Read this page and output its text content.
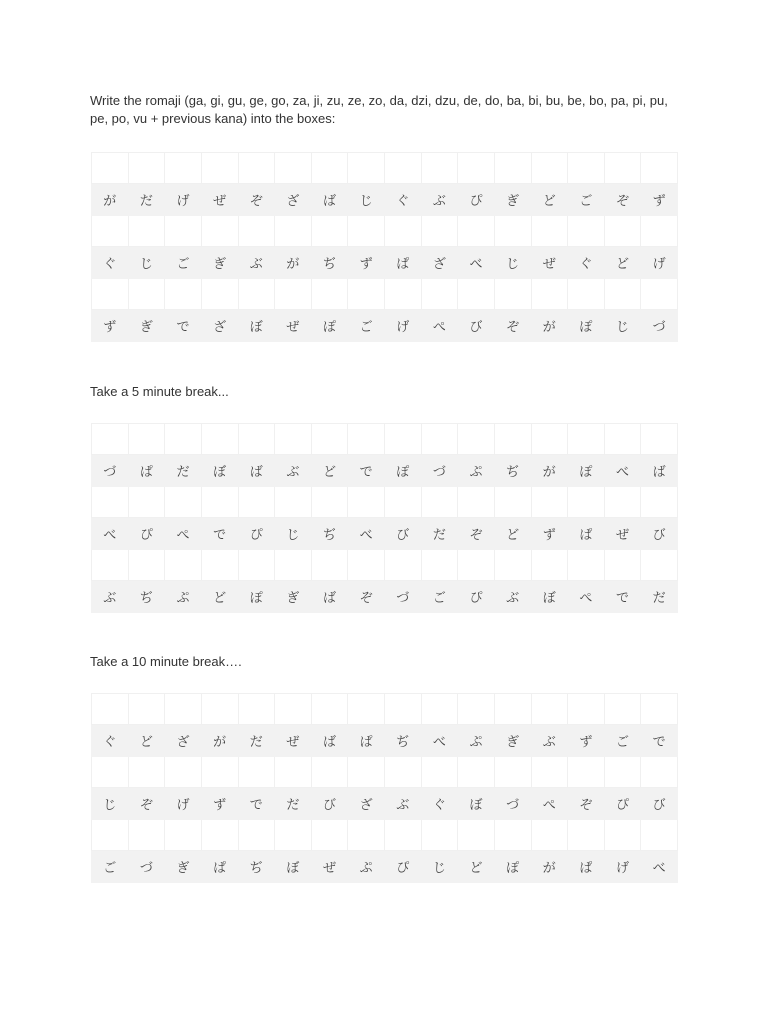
Write the romaji (ga, gi, gu, ge, go, za, ji, zu, ze, zo, da, dzi, dzu, de, do, ba, bi, bu, be, bo, pa, pi, pu, pe, po, vu + previous kana) into the boxes:

が	だ	げ	ぜ	ぞ	ざ	ば	じ	ぐ	ぶ	ぴ	ぎ	ど	ご	ぞ	ず

ぐ	じ	ご	ぎ	ぶ	が	ぢ	ず	ぱ	ざ	べ	じ	ぜ	ぐ	ど	げ

ず	ぎ	で	ざ	ぼ	ぜ	ぽ	ご	げ	ぺ	び	ぞ	が	ぽ	じ	づ
Take a 5 minute break...

づ	ぱ	だ	ぼ	ば	ぶ	ど	で	ぽ	づ	ぷ	ぢ	が	ぽ	べ	ば

べ	ぴ	ぺ	で	ぴ	じ	ぢ	べ	び	だ	ぞ	ど	ず	ぱ	ぜ	び

ぶ	ぢ	ぷ	ど	ぽ	ぎ	ば	ぞ	づ	ご	ぴ	ぶ	ぼ	ぺ	で	だ
Take a 10 minute break….

ぐ	ど	ざ	が	だ	ぜ	ば	ぱ	ぢ	べ	ぷ	ぎ	ぶ	ず	ご	で

じ	ぞ	げ	ず	で	だ	び	ざ	ぶ	ぐ	ぼ	づ	ぺ	ぞ	ぴ	び

ご	づ	ぎ	ぱ	ぢ	ぼ	ぜ	ぷ	ぴ	じ	ど	ぽ	が	ぱ	げ	べ
